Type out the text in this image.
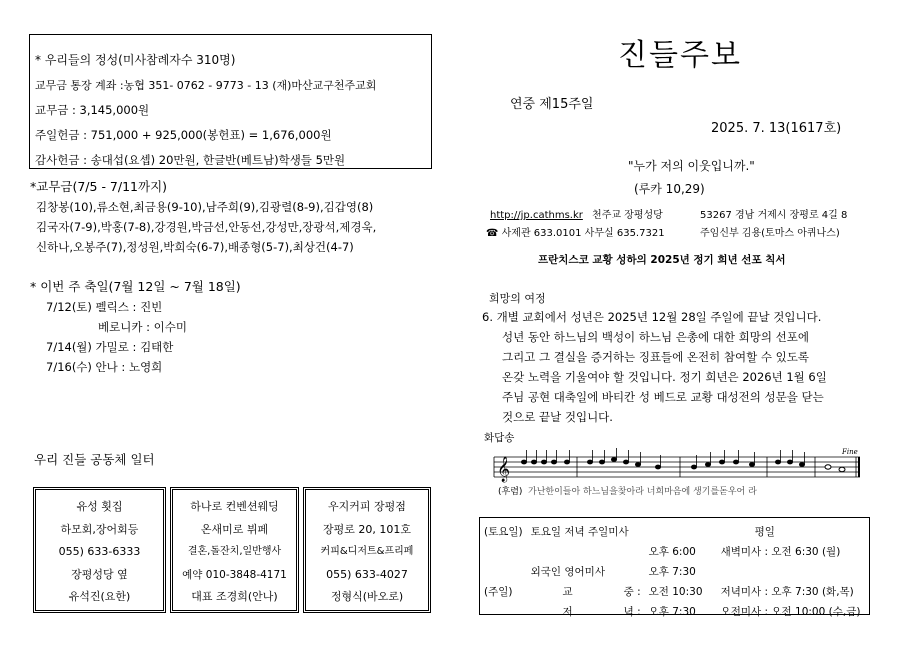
* 우리들의 정성(미사참례자수 310명)
교무금 통장 계좌 :농협 351- 0762 - 9773 - 13 (재)마산교구천주교회
교무금 : 3,145,000원
주일헌금 : 751,000 + 925,000(봉헌표) = 1,676,000원
감사헌금 : 송대섭(요셉) 20만원, 한글반(베트남)학생들 5만원
*교무금(7/5 - 7/11까지)
김창봉(10),류소현,최금용(9-10),남주희(9),김광렬(8-9),김갑영(8)
김국자(7-9),박홍(7-8),강경원,박금선,안동선,강성만,장광석,제경욱,
신하나,오봉주(7),정성원,박희숙(6-7),배종형(5-7),최상건(4-7)
* 이번 주 축일(7월 12일 ~ 7월 18일)
7/12(토) 펠릭스 : 진빈
베로니카 : 이수미
7/14(월) 가밀로 : 김태한
7/16(수) 안나 : 노영희
우리 진들 공동체 일터
유성 횟집
하모회,장어회등
055) 633-6333
장평성당 옆
유석진(요한)
하나로 컨벤션웨딩
온새미로 뷔페
결혼,돌잔치,일반행사
예약 010-3848-4171
대표 조경희(안나)
우지커피 장평점
장평로 20, 101호
커피&디저트&프리페
055) 633-4027
정형식(바오로)
진들주보
연중 제15주일
2025. 7. 13(1617호)
"누가 저의 이웃입니까."
(루카 10,29)
http://jp.cathms.kr 천주교 장평성당	53267 경남 거제시 장평로 4길 8
☎ 사제관 633.0101 사무실 635.7321	주임신부 김용(토마스 아퀴나스)
프란치스코 교황 성하의 2025년 정기 희년 선포 칙서
희망의 여정
6. 개별 교회에서 성년은 2025년 12월 28일 주일에 끝날 것입니다.
성년 동안 하느님의 백성이 하느님 은총에 대한 희망의 선포에
그리고 그 결실을 증거하는 징표들에 온전히 참여할 수 있도록
온갖 노력을 기울여야 할 것입니다. 정기 희년은 2026년 1월 6일
주님 공현 대축일에 바티칸 성 베드로 교황 대성전의 성문을 닫는
것으로 끝날 것입니다.
화답송
𝄞
Fine
(후렴) 가난한이들아 하느님을찾아라 너희마음에 생기를돋우어 라
(토요일)	토요일 저녁 주일미사			평일
			오후 6:00	새벽미사 : 오전 6:30 (월)
	외국인 영어미사		오후 7:30	
(주일)	교	중 :	오전 10:30	저녁미사 : 오후 7:30 (화,목)
	저	녁 :	오후 7:30	오전미사 : 오전 10:00 (수,금)
